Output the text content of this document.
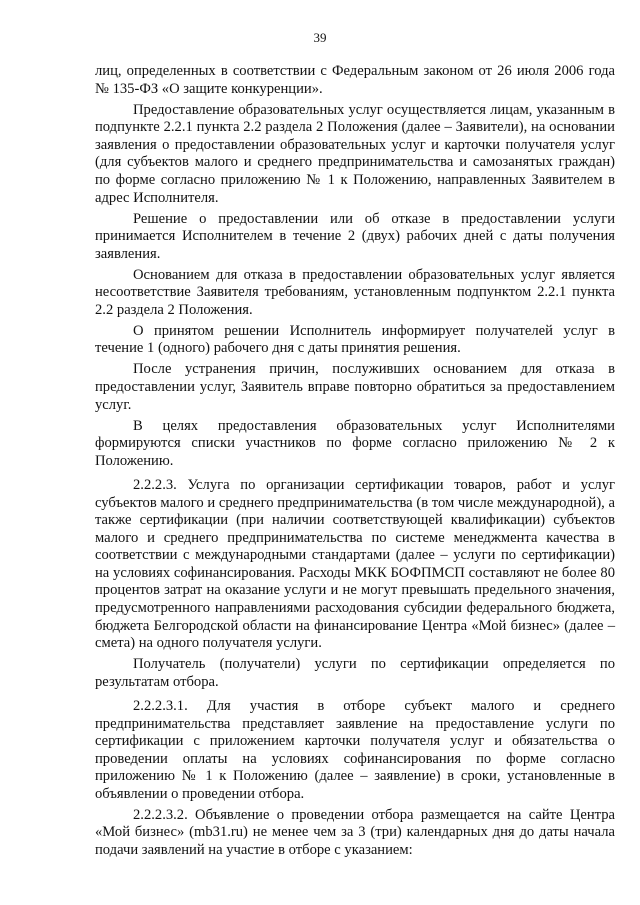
39

лиц, определенных в соответствии с Федеральным законом от 26 июля 2006 года № 135-ФЗ «О защите конкуренции».

Предоставление образовательных услуг осуществляется лицам, указанным в подпункте 2.2.1 пункта 2.2 раздела 2 Положения (далее – Заявители), на основании заявления о предоставлении образовательных услуг и карточки получателя услуг (для субъектов малого и среднего предпринимательства и самозанятых граждан) по форме согласно приложению № 1 к Положению, направленных Заявителем в адрес Исполнителя.

Решение о предоставлении или об отказе в предоставлении услуги принимается Исполнителем в течение 2 (двух) рабочих дней с даты получения заявления.

Основанием для отказа в предоставлении образовательных услуг является несоответствие Заявителя требованиям, установленным подпунктом 2.2.1 пункта 2.2 раздела 2 Положения.

О принятом решении Исполнитель информирует получателей услуг в течение 1 (одного) рабочего дня с даты принятия решения.

После устранения причин, послуживших основанием для отказа в предоставлении услуг, Заявитель вправе повторно обратиться за предоставлением услуг.

В целях предоставления образовательных услуг Исполнителями формируются списки участников по форме согласно приложению № 2 к Положению.

2.2.2.3. Услуга по организации сертификации товаров, работ и услуг субъектов малого и среднего предпринимательства (в том числе международной), а также сертификации (при наличии соответствующей квалификации) субъектов малого и среднего предпринимательства по системе менеджмента качества в соответствии с международными стандартами (далее – услуги по сертификации) на условиях софинансирования. Расходы МКК БОФПМСП составляют не более 80 процентов затрат на оказание услуги и не могут превышать предельного значения, предусмотренного направлениями расходования субсидии федерального бюджета, бюджета Белгородской области на финансирование Центра «Мой бизнес» (далее – смета) на одного получателя услуги.

Получатель (получатели) услуги по сертификации определяется по результатам отбора.

2.2.2.3.1. Для участия в отборе субъект малого и среднего предпринимательства представляет заявление на предоставление услуги по сертификации с приложением карточки получателя услуг и обязательства о проведении оплаты на условиях софинансирования по форме согласно приложению № 1 к Положению (далее – заявление) в сроки, установленные в объявлении о проведении отбора.

2.2.2.3.2. Объявление о проведении отбора размещается на сайте Центра «Мой бизнес» (mb31.ru) не менее чем за 3 (три) календарных дня до даты начала подачи заявлений на участие в отборе с указанием:
